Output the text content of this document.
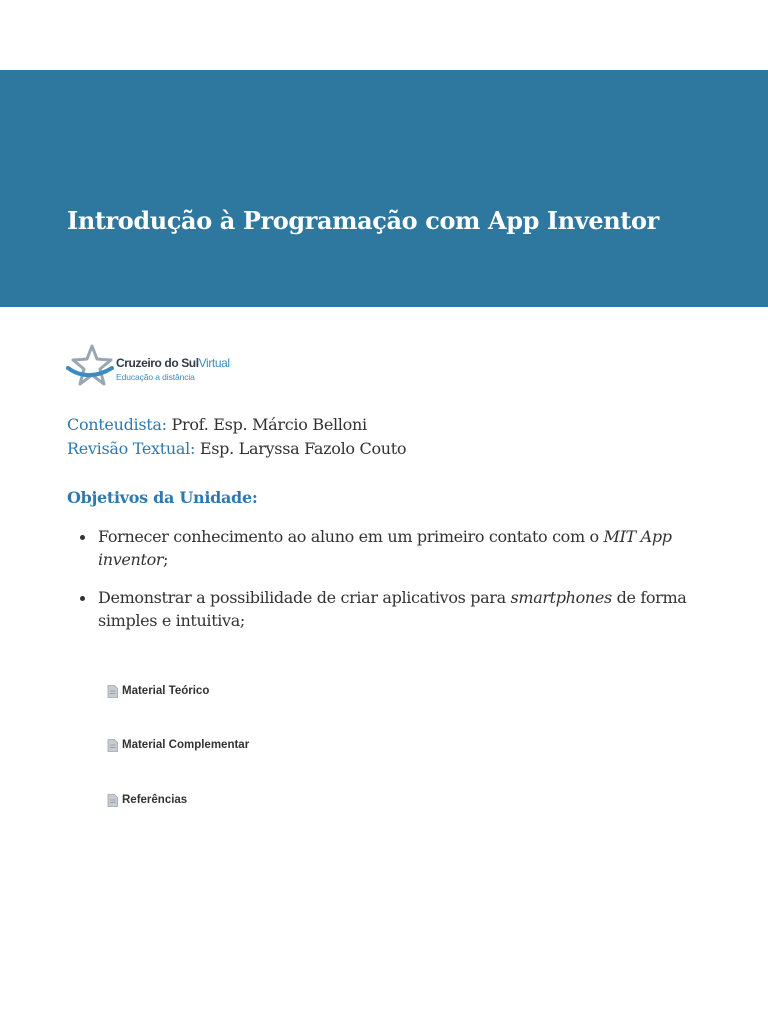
Introdução à Programação com App Inventor
Cruzeiro do SulVirtual
Educação a distância
Conteudista: Prof. Esp. Márcio Belloni
Revisão Textual: Esp. Laryssa Fazolo Couto
Objetivos da Unidade:
Fornecer conhecimento ao aluno em um primeiro contato com o MIT App inventor;
Demonstrar a possibilidade de criar aplicativos para smartphones de forma simples e intuitiva;
Material Teórico
Material Complementar
Referências
